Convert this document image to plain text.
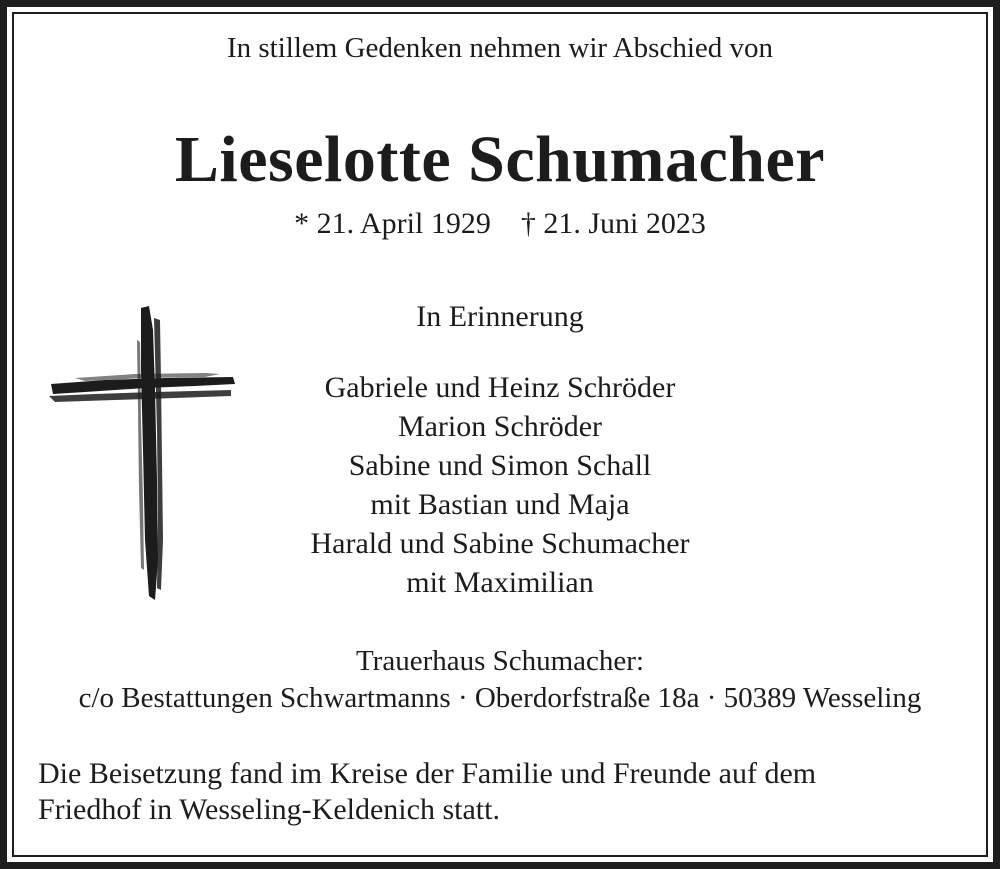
In stillem Gedenken nehmen wir Abschied von
Lieselotte Schumacher
* 21. April 1929 † 21. Juni 2023
In Erinnerung
Gabriele und Heinz Schröder
Marion Schröder
Sabine und Simon Schall
mit Bastian und Maja
Harald und Sabine Schumacher
mit Maximilian
Trauerhaus Schumacher:
c/o Bestattungen Schwartmanns · Oberdorfstraße 18a · 50389 Wesseling
Die Beisetzung fand im Kreise der Familie und Freunde auf dem
Friedhof in Wesseling-Keldenich statt.
